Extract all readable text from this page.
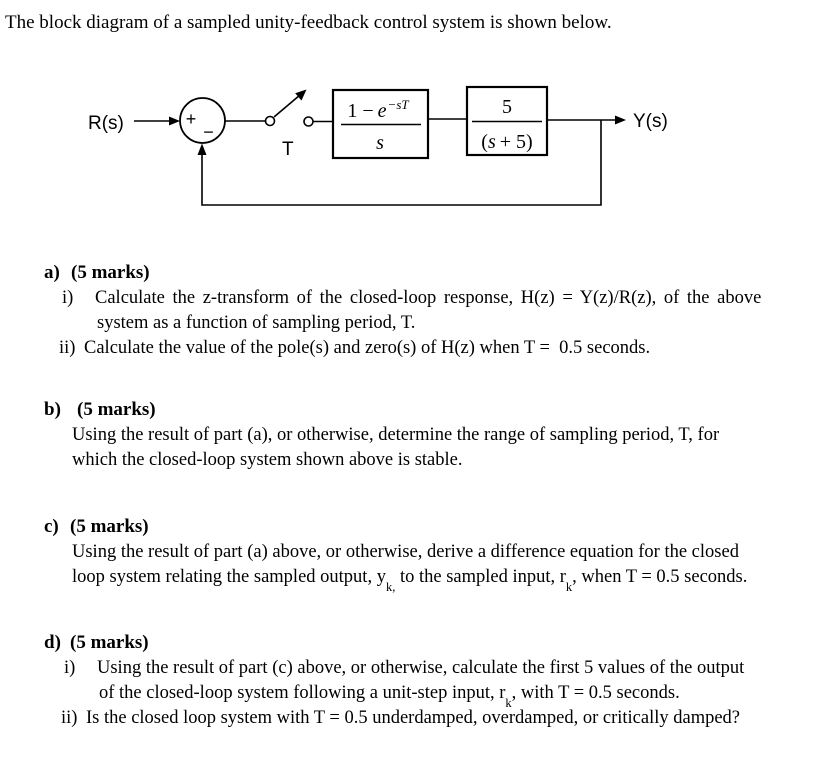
The block diagram of a sampled unity-feedback control system is shown below.
R(s)	+
−
T
$1 - e^{-sT}$
s
5
(s + 5)
Y(s)
a) (5 marks)
i) Calculate the z-transform of the closed-loop response, H(z) = Y(z)/R(z), of the above
system as a function of sampling period, T.
ii) Calculate the value of the pole(s) and zero(s) of H(z) when T =  0.5 seconds.
b) (5 marks)
Using the result of part (a), or otherwise, determine the range of sampling period, T, for
which the closed-loop system shown above is stable.
c) (5 marks)
Using the result of part (a) above, or otherwise, derive a difference equation for the closed
loop system relating the sampled output, $y_{k,}$ to the sampled input, $r_k$, when T = 0.5 seconds.
d) (5 marks)
i) Using the result of part (c) above, or otherwise, calculate the first 5 values of the output
of the closed-loop system following a unit-step input, $r_k$, with T = 0.5 seconds.
ii) Is the closed loop system with T = 0.5 underdamped, overdamped, or critically damped?
